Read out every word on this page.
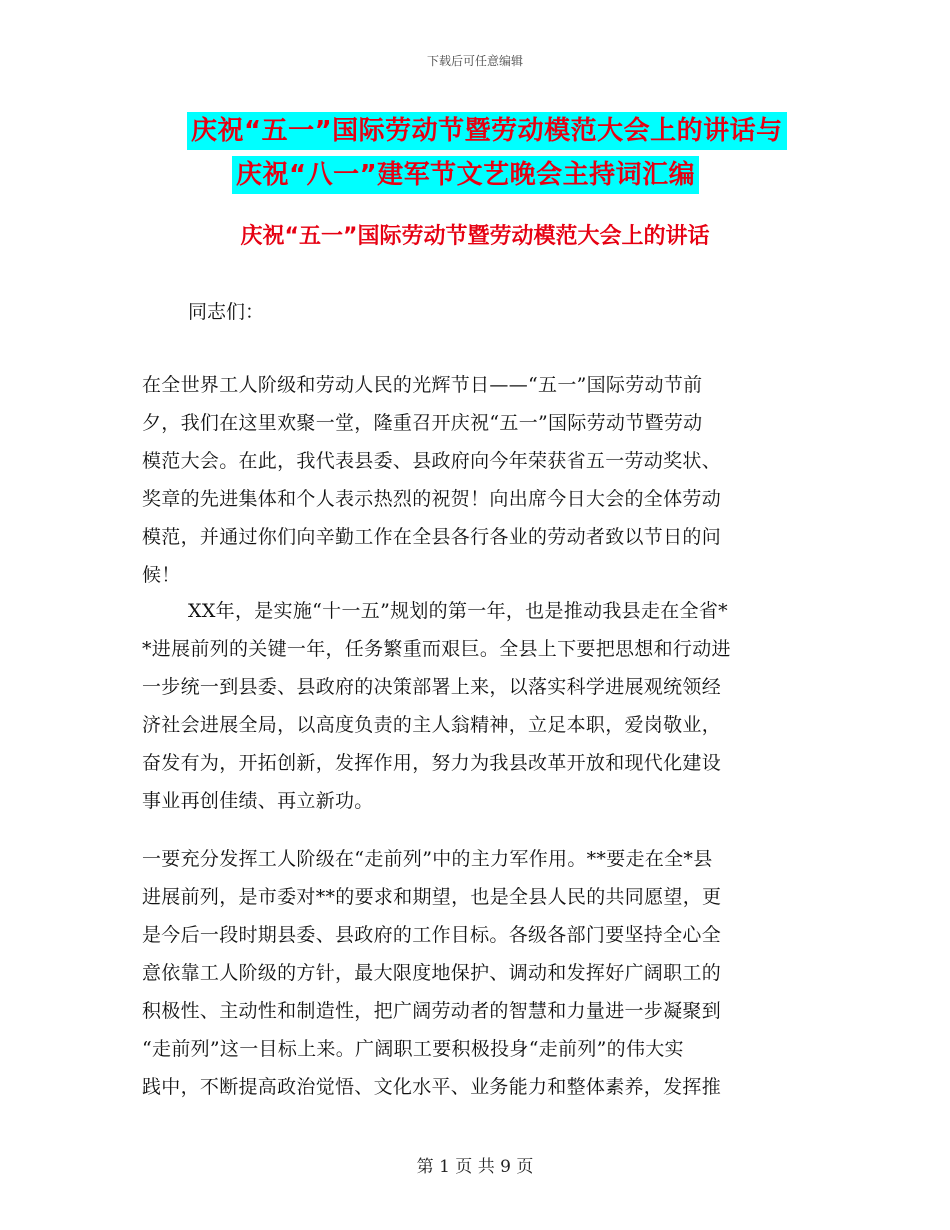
下载后可任意编辑
庆祝“五一”国际劳动节暨劳动模范大会上的讲话与
庆祝“八一”建军节文艺晚会主持词汇编
庆祝“五一”国际劳动节暨劳动模范大会上的讲话
同志们：
在全世界工人阶级和劳动人民的光辉节日——“五一”国际劳动节前
夕，我们在这里欢聚一堂，隆重召开庆祝“五一”国际劳动节暨劳动
模范大会。在此，我代表县委、县政府向今年荣获省五一劳动奖状、
奖章的先进集体和个人表示热烈的祝贺！向出席今日大会的全体劳动
模范，并通过你们向辛勤工作在全县各行各业的劳动者致以节日的问
候！
XX年，是实施“十一五”规划的第一年，也是推动我县走在全省*
*进展前列的关键一年，任务繁重而艰巨。全县上下要把思想和行动进
一步统一到县委、县政府的决策部署上来，以落实科学进展观统领经
济社会进展全局，以高度负责的主人翁精神，立足本职，爱岗敬业，
奋发有为，开拓创新，发挥作用，努力为我县改革开放和现代化建设
事业再创佳绩、再立新功。
一要充分发挥工人阶级在“走前列”中的主力军作用。**要走在全*县
进展前列，是市委对**的要求和期望，也是全县人民的共同愿望，更
是今后一段时期县委、县政府的工作目标。各级各部门要坚持全心全
意依靠工人阶级的方针，最大限度地保护、调动和发挥好广阔职工的
积极性、主动性和制造性，把广阔劳动者的智慧和力量进一步凝聚到
“走前列”这一目标上来。广阔职工要积极投身“走前列”的伟大实
践中，不断提高政治觉悟、文化水平、业务能力和整体素养，发挥推
第 1 页 共 9 页
